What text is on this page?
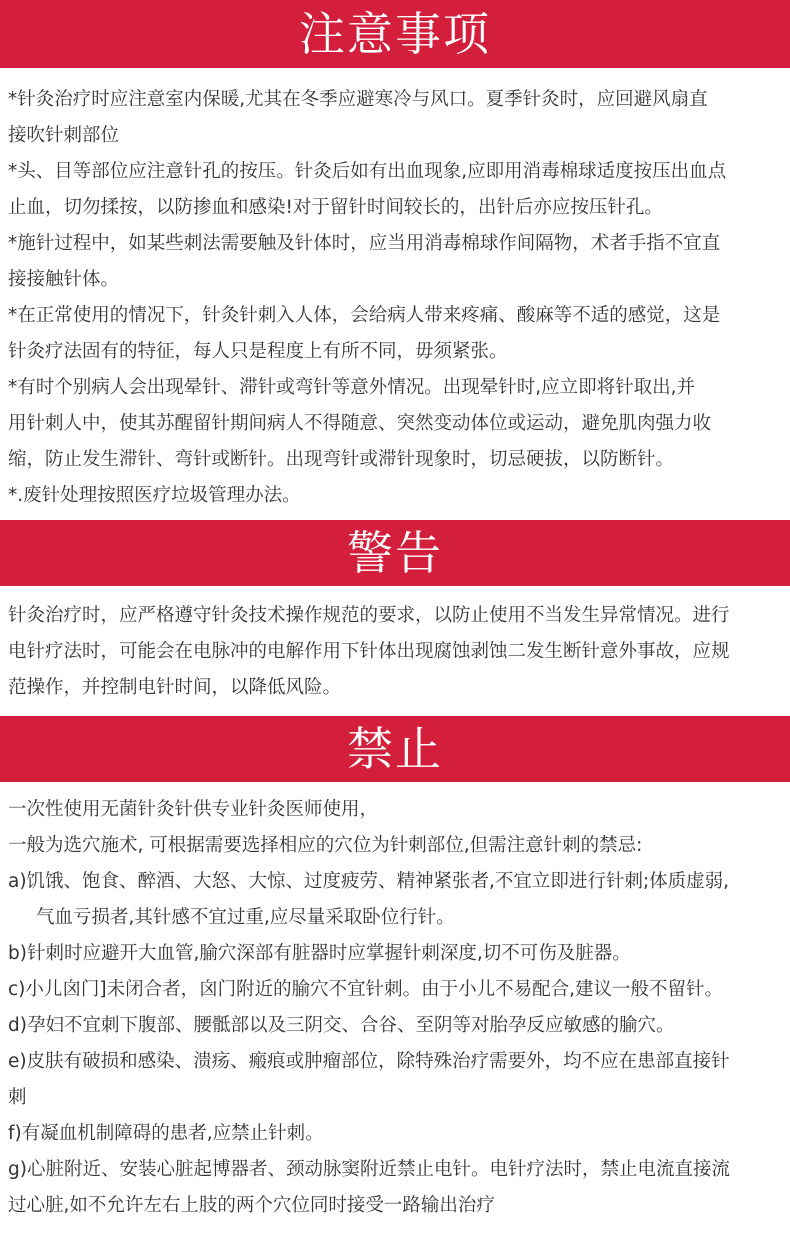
注意事项

*针灸治疗时应注意室内保暖,尤其在冬季应避寒冷与风口。夏季针灸时，应回避风扇直

接吹针刺部位

*头、目等部位应注意针孔的按压。针灸后如有出血现象,应即用消毒棉球适度按压出血点

止血，切勿揉按，以防掺血和感染!对于留针时间较长的，出针后亦应按压针孔。

*施针过程中，如某些刺法需要触及针体时，应当用消毒棉球作间隔物，术者手指不宜直

接接触针体。

*在正常使用的情况下，针灸针刺入人体，会给病人带来疼痛、酸麻等不适的感觉，这是

针灸疗法固有的特征，每人只是程度上有所不同，毋须紧张。

*有时个别病人会出现晕针、滞针或弯针等意外情况。出现晕针时,应立即将针取出,并

用针刺人中，使其苏醒留针期间病人不得随意、突然变动体位或运动，避免肌肉强力收

缩，防止发生滞针、弯针或断针。出现弯针或滞针现象时，切忌硬拔，以防断针。

*.废针处理按照医疗垃圾管理办法。

警告

针灸治疗时，应严格遵守针灸技术操作规范的要求，以防止使用不当发生异常情况。进行

电针疗法时，可能会在电脉冲的电解作用下针体出现腐蚀剥蚀二发生断针意外事故，应规

范操作，并控制电针时间，以降低风险。

禁止

一次性使用无菌针灸针供专业针灸医师使用，

一般为选穴施术, 可根据需要选择相应的穴位为针刺部位,但需注意针刺的禁忌:

a)饥饿、饱食、醉酒、大怒、大惊、过度疲劳、精神紧张者,不宜立即进行针刺;体质虚弱,

气血亏损者,其针感不宜过重,应尽量采取卧位行针。

b)针刺时应避开大血管,腧穴深部有脏器时应掌握针刺深度,切不可伤及脏器。

c)小儿囟门]未闭合者，囟门附近的腧穴不宜针刺。由于小儿不易配合,建议一般不留针。

d)孕妇不宜刺下腹部、腰骶部以及三阴交、合谷、至阴等对胎孕反应敏感的腧穴。

e)皮肤有破损和感染、溃疡、瘢痕或肿瘤部位，除特殊治疗需要外，均不应在患部直接针

刺

f)有凝血机制障碍的患者,应禁止针刺。

g)心脏附近、安装心脏起博器者、颈动脉窦附近禁止电针。电针疗法时，禁止电流直接流

过心脏,如不允许左右上肢的两个穴位同时接受一路输出治疗
